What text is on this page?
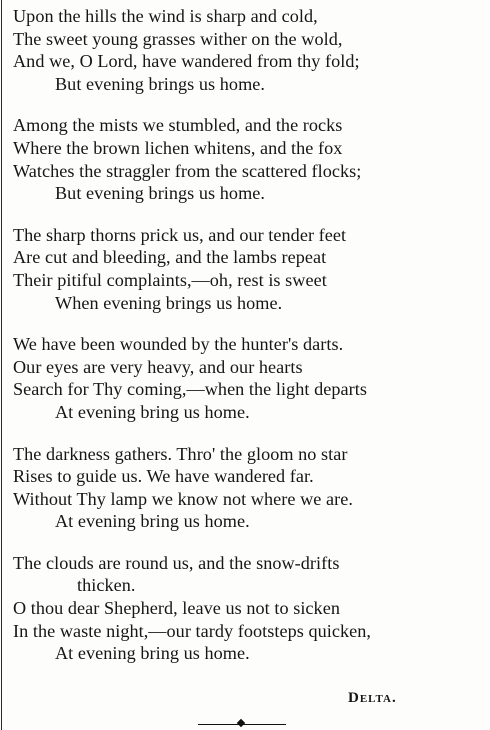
Upon the hills the wind is sharp and cold,
The sweet young grasses wither on the wold,
And we, O Lord, have wandered from thy fold;
But evening brings us home.
Among the mists we stumbled, and the rocks
Where the brown lichen whitens, and the fox
Watches the straggler from the scattered flocks;
But evening brings us home.
The sharp thorns prick us, and our tender feet
Are cut and bleeding, and the lambs repeat
Their pitiful complaints,—oh, rest is sweet
When evening brings us home.
We have been wounded by the hunter's darts.
Our eyes are very heavy, and our hearts
Search for Thy coming,—when the light departs
At evening bring us home.
The darkness gathers. Thro' the gloom no star
Rises to guide us. We have wandered far.
Without Thy lamp we know not where we are.
At evening bring us home.
The clouds are round us, and the snow-drifts
thicken.
O thou dear Shepherd, leave us not to sicken
In the waste night,—our tardy footsteps quicken,
At evening bring us home.
Delta.
